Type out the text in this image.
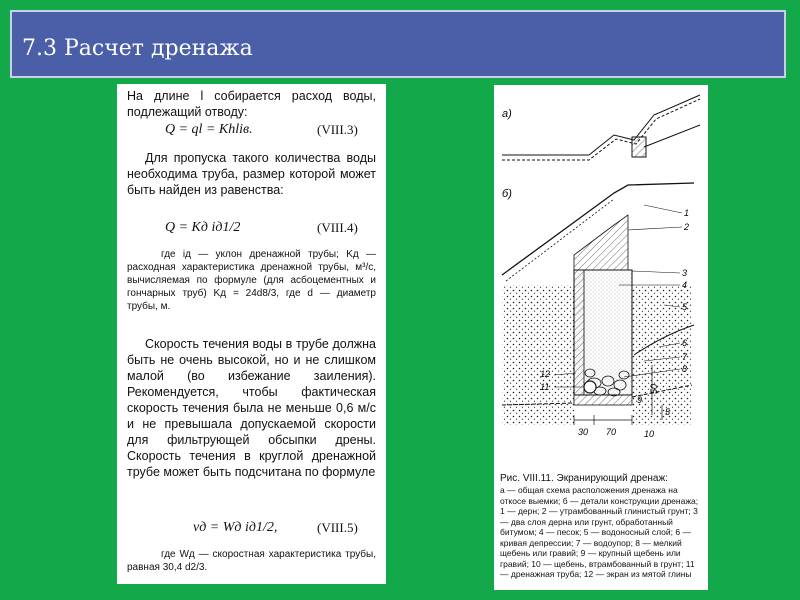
7.3 Расчет дренажа
На длине l собирается расход воды, подлежащий отводу:
Q = ql = Khliв.	(VIII.3)
Для пропуска такого количества воды необходима труба, размер которой может быть найден из равенства:
Q = Kд iд1/2	(VIII.4)
где iд — уклон дренажной трубы; Kд — расходная характеристика дренажной трубы, м³/с, вычисляемая по формуле (для асбоцементных и гончарных труб) Kд = 24d8/3, где d — диаметр трубы, м.
Скорость течения воды в трубе должна быть не очень высокой, но и не слишком малой (во избежание заиления). Рекомендуется, чтобы фактическая скорость течения была не меньше 0,6 м/с и не превышала допускаемой скорости для фильтрующей обсыпки дрены. Скорость течения в круглой дренажной трубе может быть подсчитана по формуле
vд = Wд iд1/2,	(VIII.5)
где Wд — скоростная характеристика трубы, равная 30,4 d2/3.
а)
б)
1
2
3
4
5
6
7
8
9
10
11
12
30 70
50
5
Рис. VIII.11. Экранирующий дренаж:
а — общая схема расположения дренажа на откосе выемки; б — детали конструкции дренажа; 1 — дерн; 2 — утрамбованный глинистый грунт; 3 — два слоя дерна или грунт, обработанный битумом; 4 — песок; 5 — водоносный слой; 6 — кривая депрессии; 7 — водоупор; 8 — мелкий щебень или гравий; 9 — крупный щебень или гравий; 10 — щебень, втрамбованный в грунт; 11 — дренажная труба; 12 — экран из мятой глины
